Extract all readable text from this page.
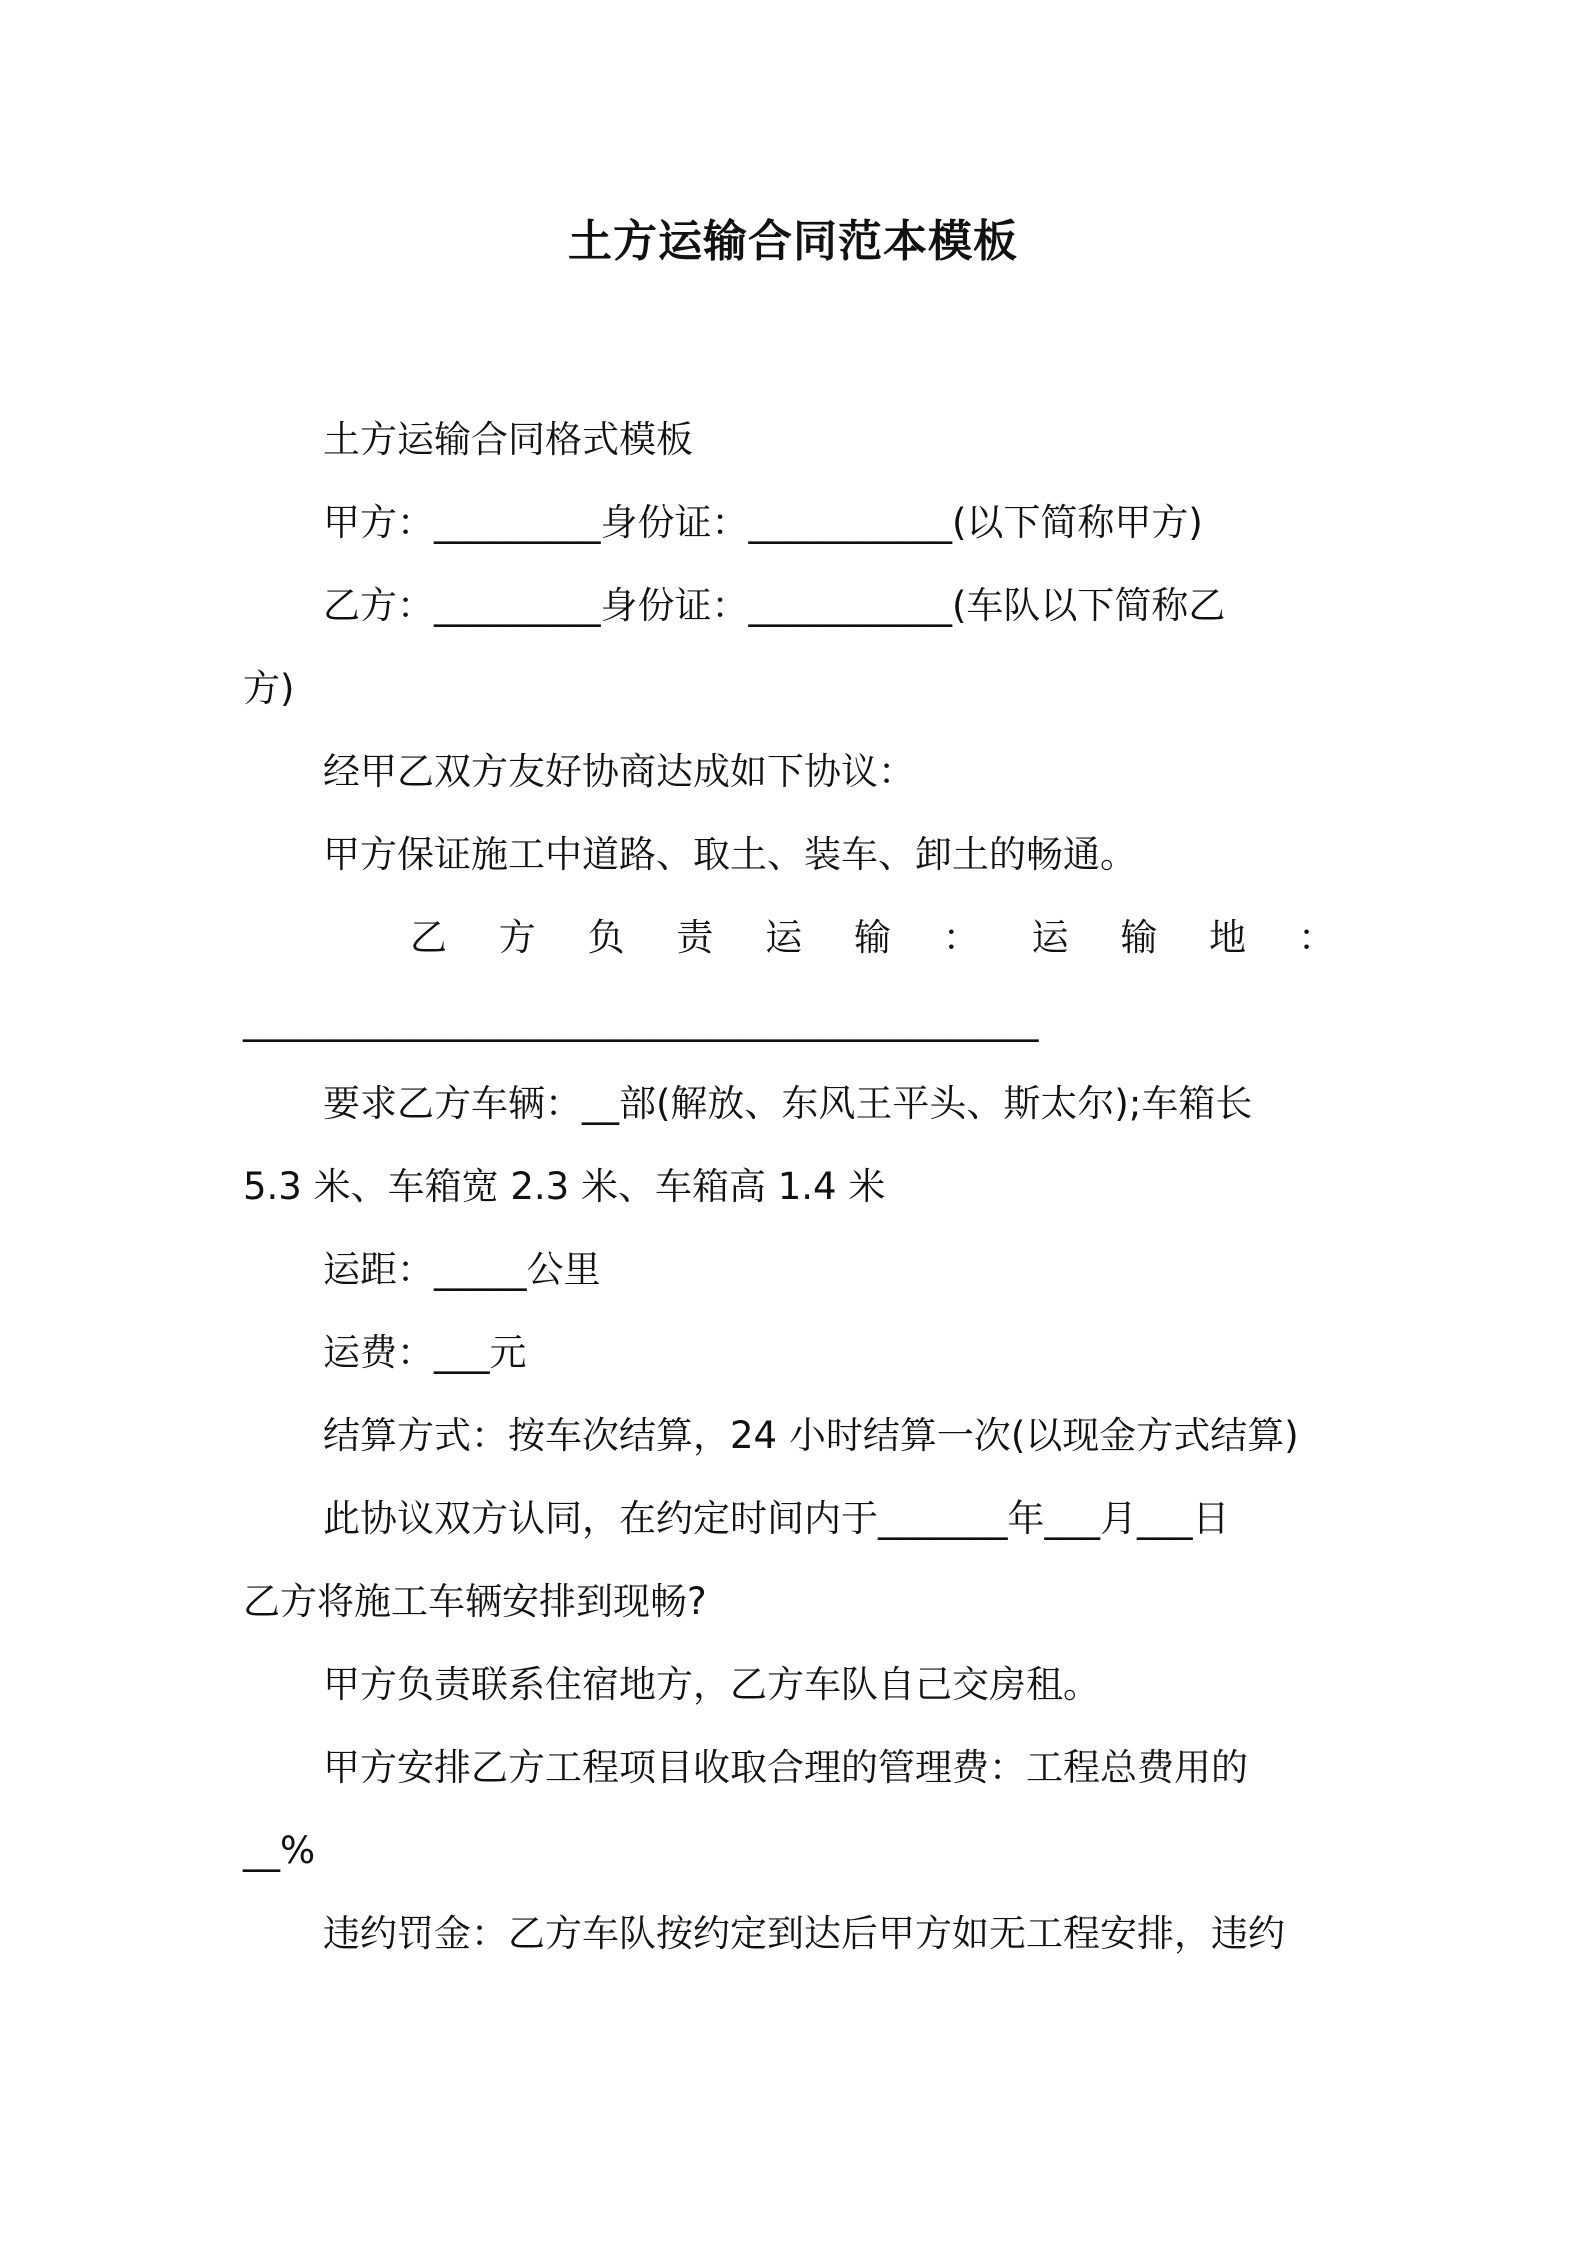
土方运输合同范本模板
土方运输合同格式模板
甲方：_________身份证：___________(以下简称甲方)
乙方：_________身份证：___________(车队以下简称乙
方)
经甲乙双方友好协商达成如下协议：
甲方保证施工中道路、取土、装车、卸土的畅通。
乙 方 负 责 运 输 ： 运 输 地 ：
___________________________________________
要求乙方车辆：__部(解放、东风王平头、斯太尔);车箱长
5.3 米、车箱宽 2.3 米、车箱高 1.4 米
运距：_____公里
运费：___元
结算方式：按车次结算，24 小时结算一次(以现金方式结算)
此协议双方认同，在约定时间内于_______年___月___日
乙方将施工车辆安排到现畅?
甲方负责联系住宿地方，乙方车队自己交房租。
甲方安排乙方工程项目收取合理的管理费：工程总费用的
__%
违约罚金：乙方车队按约定到达后甲方如无工程安排，违约
